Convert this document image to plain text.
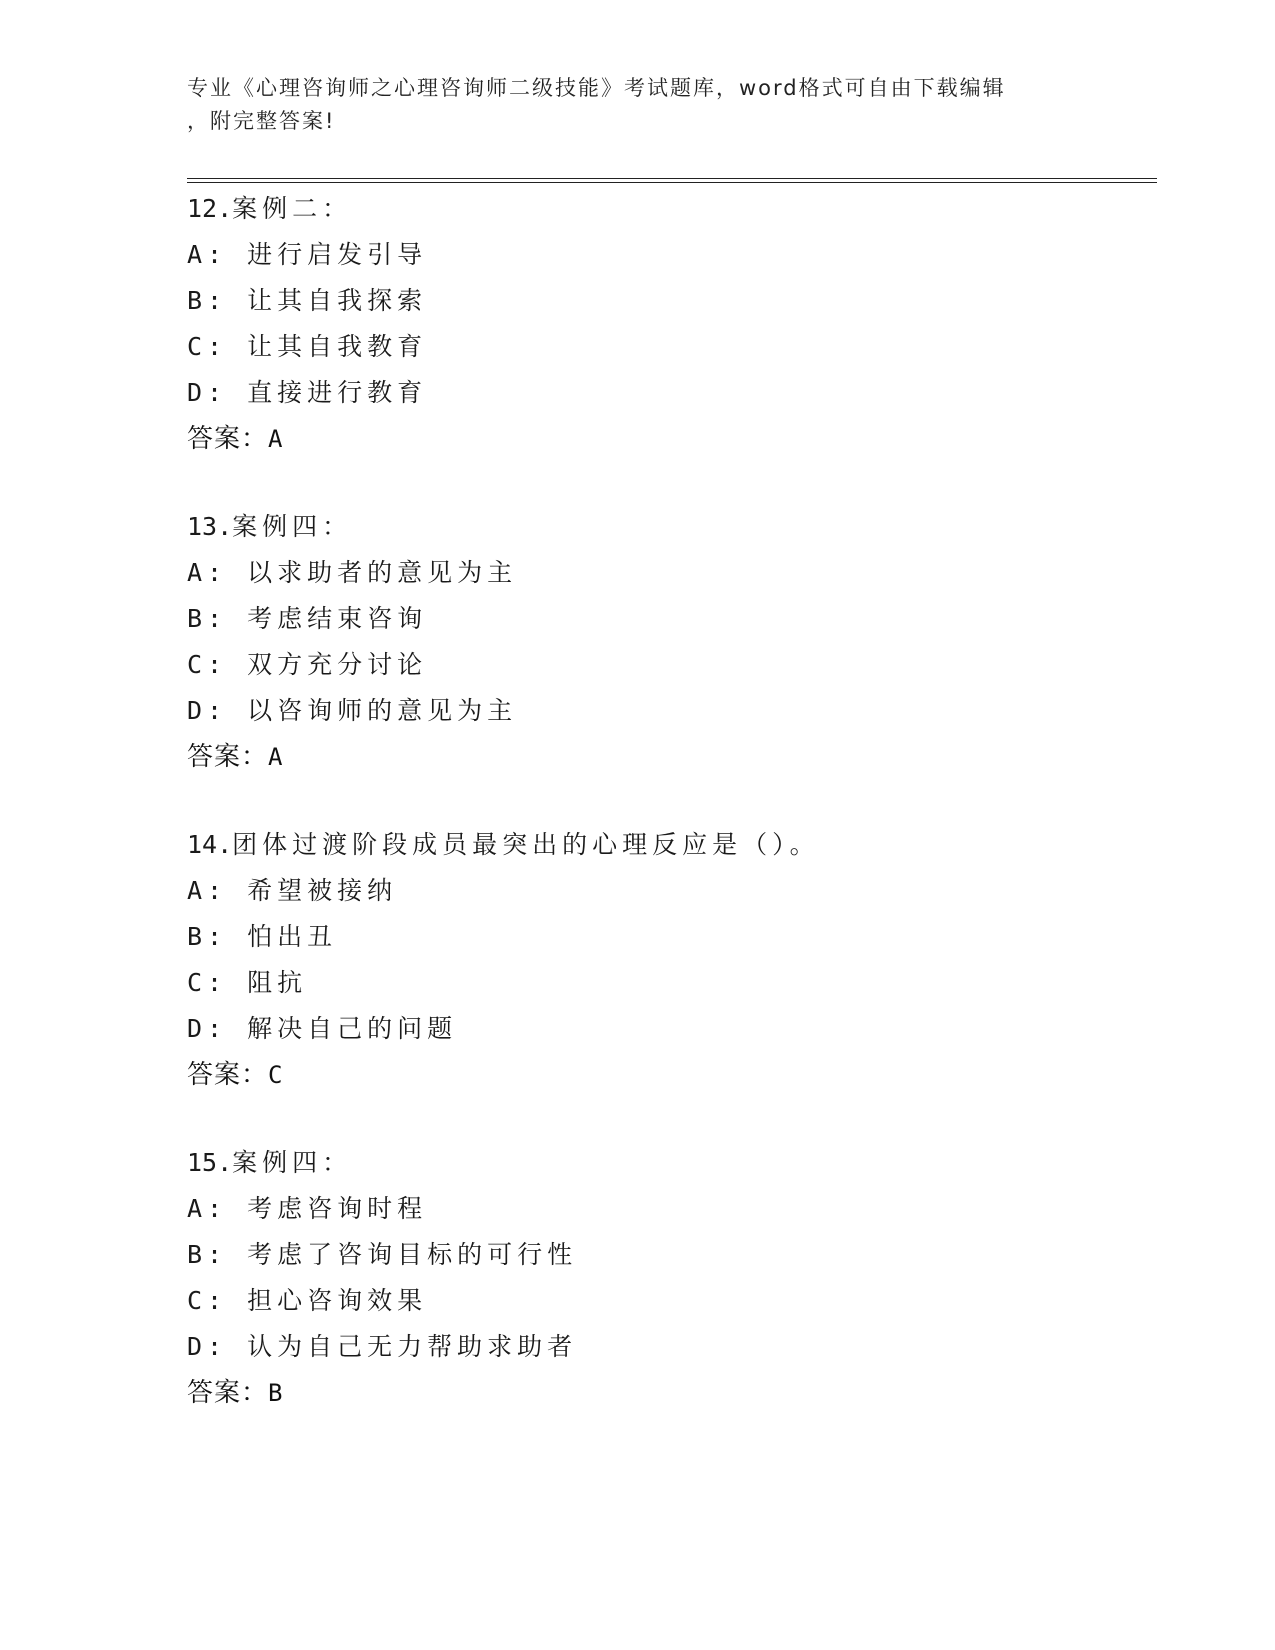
专业《心理咨询师之心理咨询师二级技能》考试题库，word格式可自由下载编辑
，附完整答案!
12.案例二：
A: 进行启发引导
B: 让其自我探索
C: 让其自我教育
D: 直接进行教育
答案：A
13.案例四：
A: 以求助者的意见为主
B: 考虑结束咨询
C: 双方充分讨论
D: 以咨询师的意见为主
答案：A
14.团体过渡阶段成员最突出的心理反应是（）。
A: 希望被接纳
B: 怕出丑
C: 阻抗
D: 解决自己的问题
答案：C
15.案例四：
A: 考虑咨询时程
B: 考虑了咨询目标的可行性
C: 担心咨询效果
D: 认为自己无力帮助求助者
答案：B
